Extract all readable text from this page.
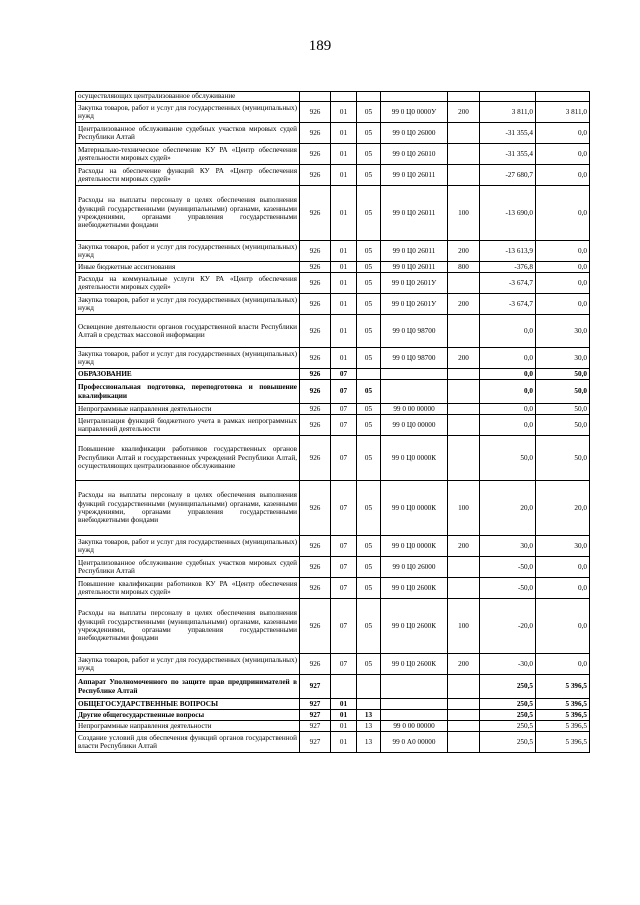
189
осуществляющих централизованное обслуживание							
Закупка товаров, работ и услуг для государственных (муниципальных) нужд	926	01	05	99 0 Ц0 0000У	200	3 811,0	3 811,0
Централизованное обслуживание судебных участков мировых судей Республики Алтай	926	01	05	99 0 Ц0 26000		-31 355,4	0,0
Материально-техническое обеспечение КУ РА «Центр обеспечения деятельности мировых судей»	926	01	05	99 0 Ц0 26010		-31 355,4	0,0
Расходы на обеспечение функций КУ РА «Центр обеспечения деятельности мировых судей»	926	01	05	99 0 Ц0 26011		-27 680,7	0,0
Расходы на выплаты персоналу в целях обеспечения выполнения функций государственными (муниципальными) органами, казенными учреждениями, органами управления государственными внебюджетными фондами	926	01	05	99 0 Ц0 26011	100	-13 690,0	0,0
Закупка товаров, работ и услуг для государственных (муниципальных) нужд	926	01	05	99 0 Ц0 26011	200	-13 613,9	0,0
Иные бюджетные ассигнования	926	01	05	99 0 Ц0 26011	800	-376,8	0,0
Расходы на коммунальные услуги КУ РА «Центр обеспечения деятельности мировых судей»	926	01	05	99 0 Ц0 2601У		-3 674,7	0,0
Закупка товаров, работ и услуг для государственных (муниципальных) нужд	926	01	05	99 0 Ц0 2601У	200	-3 674,7	0,0
Освещение деятельности органов государственной власти Республики Алтай в средствах массовой информации	926	01	05	99 0 Ц0 98700		0,0	30,0
Закупка товаров, работ и услуг для государственных (муниципальных) нужд	926	01	05	99 0 Ц0 98700	200	0,0	30,0
ОБРАЗОВАНИЕ	926	07				0,0	50,0
Профессиональная подготовка, переподготовка и повышение квалификации	926	07	05			0,0	50,0
Непрограммные направления деятельности	926	07	05	99 0 00 00000		0,0	50,0
Централизация функций бюджетного учета в рамках непрограммных направлений деятельности	926	07	05	99 0 Ц0 00000		0,0	50,0
Повышение квалификации работников государственных органов Республики Алтай и государственных учреждений Республики Алтай, осуществляющих централизованное обслуживание	926	07	05	99 0 Ц0 0000К		50,0	50,0
Расходы на выплаты персоналу в целях обеспечения выполнения функций государственными (муниципальными) органами, казенными учреждениями, органами управления государственными внебюджетными фондами	926	07	05	99 0 Ц0 0000К	100	20,0	20,0
Закупка товаров, работ и услуг для государственных (муниципальных) нужд	926	07	05	99 0 Ц0 0000К	200	30,0	30,0
Централизованное обслуживание судебных участков мировых судей Республики Алтай	926	07	05	99 0 Ц0 26000		-50,0	0,0
Повышение квалификации работников КУ РА «Центр обеспечения деятельности мировых судей»	926	07	05	99 0 Ц0 2600К		-50,0	0,0
Расходы на выплаты персоналу в целях обеспечения выполнения функций государственными (муниципальными) органами, казенными учреждениями, органами управления государственными внебюджетными фондами	926	07	05	99 0 Ц0 2600К	100	-20,0	0,0
Закупка товаров, работ и услуг для государственных (муниципальных) нужд	926	07	05	99 0 Ц0 2600К	200	-30,0	0,0
Аппарат Уполномоченного по защите прав предпринимателей в Республике Алтай	927					250,5	5 396,5
ОБЩЕГОСУДАРСТВЕННЫЕ ВОПРОСЫ	927	01				250,5	5 396,5
Другие общегосударственные вопросы	927	01	13			250,5	5 396,5
Непрограммные направления деятельности	927	01	13	99 0 00 00000		250,5	5 396,5
Создание условий для обеспечения функций органов государственной власти Республики Алтай	927	01	13	99 0 А0 00000		250,5	5 396,5
